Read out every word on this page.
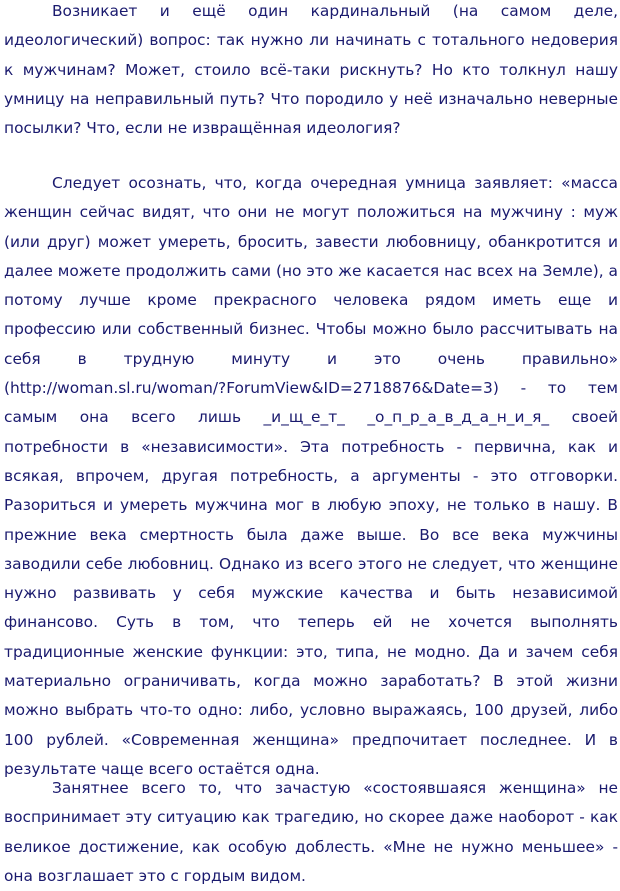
Возникает и ещё один кардинальный (на самом деле, идеологический) вопрос: так нужно ли начинать с тотального недоверия к мужчинам? Может, стоило всё-таки рискнуть? Но кто толкнул нашу умницу на неправильный путь? Что породило у неё изначально неверные посылки? Что, если не извращённая идеология?

Следует осознать, что, когда очередная умница заявляет: «масса женщин сейчас видят, что они не могут положиться на мужчину : муж (или друг) может умереть, бросить, завести любовницу, обанкротится и далее можете продолжить сами (но это же касается нас всех на Земле), а потому лучше кроме прекрасного человека рядом иметь еще и профессию или собственный бизнес. Чтобы можно было рассчитывать на себя в трудную минуту и это очень правильно» (http://woman.sl.ru/woman/?ForumView&ID=2718876&Date=3) - то тем самым она всего лишь _и_щ_е_т_ _о_п_р_а_в_д_а_н_и_я_ своей потребности в «независимости». Эта потребность - первична, как и всякая, впрочем, другая потребность, а аргументы - это отговорки. Разориться и умереть мужчина мог в любую эпоху, не только в нашу. В прежние века смертность была даже выше. Во все века мужчины заводили себе любовниц. Однако из всего этого не следует, что женщине нужно развивать у себя мужские качества и быть независимой финансово. Суть в том, что теперь ей не хочется выполнять традиционные женские функции: это, типа, не модно. Да и зачем себя материально ограничивать, когда можно заработать? В этой жизни можно выбрать что-то одно: либо, условно выражаясь, 100 друзей, либо 100 рублей. «Современная женщина» предпочитает последнее. И в результате чаще всего остаётся одна.

Занятнее всего то, что зачастую «состоявшаяся женщина» не воспринимает эту ситуацию как трагедию, но скорее даже наоборот - как великое достижение, как особую доблесть. «Мне не нужно меньшее» - она возглашает это с гордым видом.
